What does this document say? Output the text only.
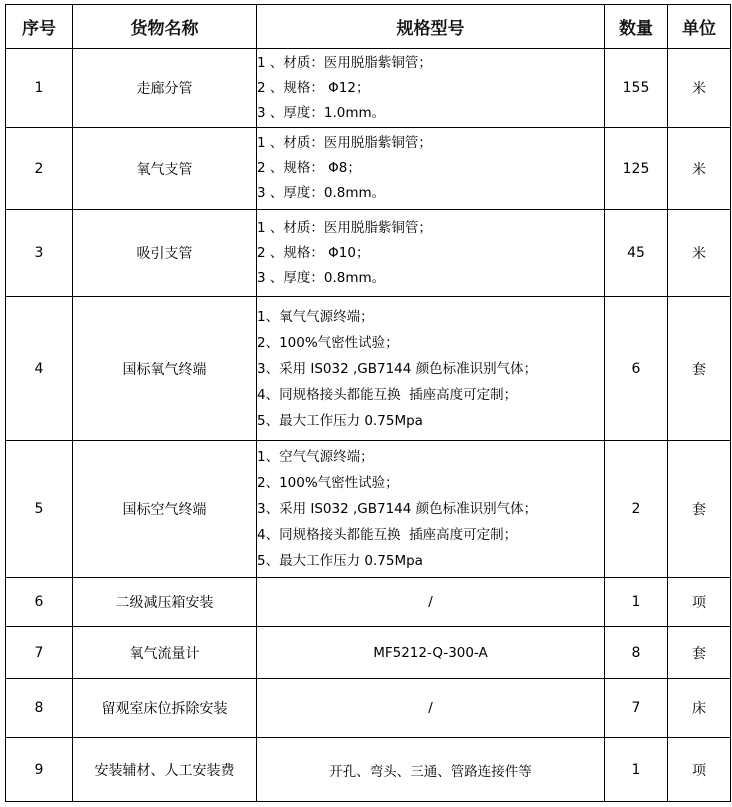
序号	货物名称	规格型号	数量	单位
1	走廊分管	1 、材质：医用脱脂紫铜管；
2 、规格： Φ12；
3 、厚度：1.0mm。	155	米
2	氧气支管	1 、材质：医用脱脂紫铜管；
2 、规格： Φ8；
3 、厚度：0.8mm。	125	米
3	吸引支管	1 、材质：医用脱脂紫铜管；
2 、规格： Φ10；
3 、厚度：0.8mm。	45	米
4	国标氧气终端	1、氧气气源终端；
2、100%气密性试验；
3、采用 IS032 ,GB7144 颜色标准识别气体；
4、同规格接头都能互换  插座高度可定制；
5、最大工作压力 0.75Mpa	6	套
5	国标空气终端	1、空气气源终端；
2、100%气密性试验；
3、采用 IS032 ,GB7144 颜色标准识别气体；
4、同规格接头都能互换  插座高度可定制；
5、最大工作压力 0.75Mpa	2	套
6	二级减压箱安装	/	1	项
7	氧气流量计	MF5212-Q-300-A	8	套
8	留观室床位拆除安装	/	7	床
9	安装辅材、人工安装费	开孔、弯头、三通、管路连接件等	1	项
